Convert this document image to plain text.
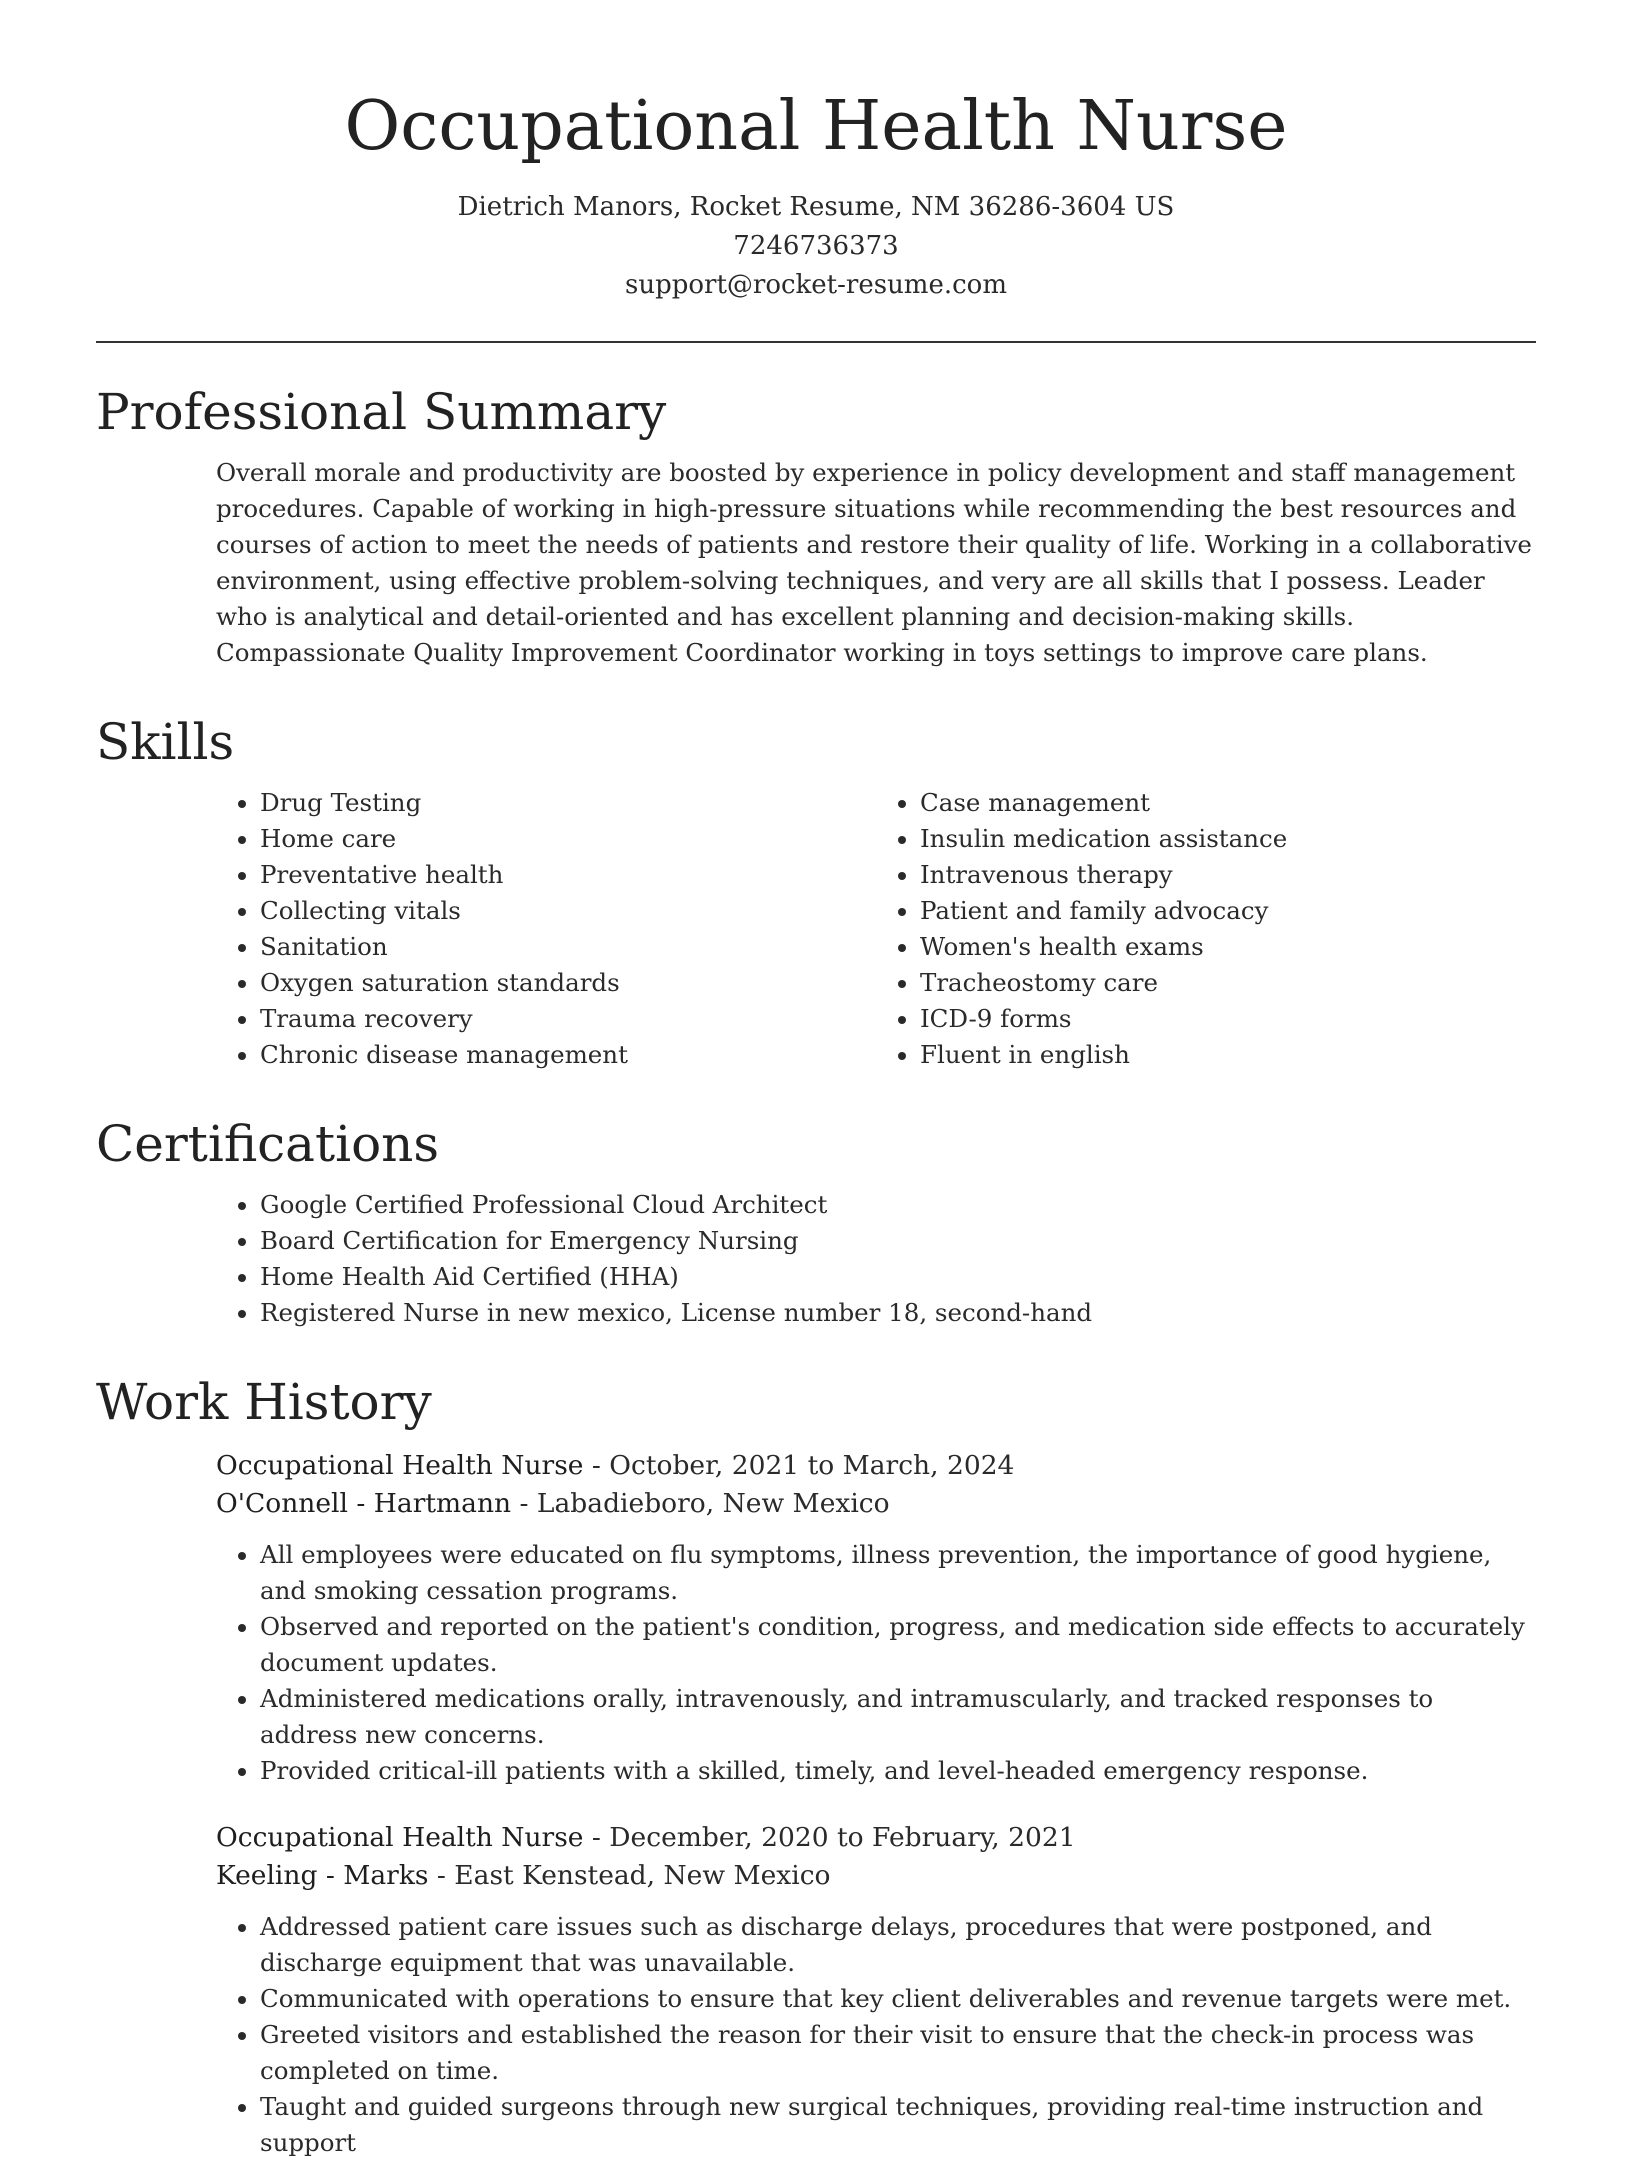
Occupational Health Nurse
Dietrich Manors, Rocket Resume, NM 36286-3604 US
7246736373
support@rocket-resume.com
Professional Summary

Overall morale and productivity are boosted by experience in policy development and staff management procedures. Capable of working in high-pressure situations while recommending the best resources and courses of action to meet the needs of patients and restore their quality of life. Working in a collaborative environment, using effective problem-solving techniques, and very are all skills that I possess. Leader who is analytical and detail-oriented and has excellent planning and decision-making skills. Compassionate Quality Improvement Coordinator working in toys settings to improve care plans.

Skills
• Drug Testing
• Home care
• Preventative health
• Collecting vitals
• Sanitation
• Oxygen saturation standards
• Trauma recovery
• Chronic disease management
• Case management
• Insulin medication assistance
• Intravenous therapy
• Patient and family advocacy
• Women's health exams
• Tracheostomy care
• ICD-9 forms
• Fluent in english
Certifications
• Google Certified Professional Cloud Architect
• Board Certification for Emergency Nursing
• Home Health Aid Certified (HHA)
• Registered Nurse in new mexico, License number 18, second-hand
Work History
Occupational Health Nurse - October, 2021 to March, 2024
O'Connell - Hartmann - Labadieboro, New Mexico
• All employees were educated on flu symptoms, illness prevention, the importance of good hygiene, and smoking cessation programs.
• Observed and reported on the patient's condition, progress, and medication side effects to accurately document updates.
• Administered medications orally, intravenously, and intramuscularly, and tracked responses to address new concerns.
• Provided critical-ill patients with a skilled, timely, and level-headed emergency response.
Occupational Health Nurse - December, 2020 to February, 2021
Keeling - Marks - East Kenstead, New Mexico
• Addressed patient care issues such as discharge delays, procedures that were postponed, and discharge equipment that was unavailable.
• Communicated with operations to ensure that key client deliverables and revenue targets were met.
• Greeted visitors and established the reason for their visit to ensure that the check-in process was completed on time.
• Taught and guided surgeons through new surgical techniques, providing real-time instruction and support
